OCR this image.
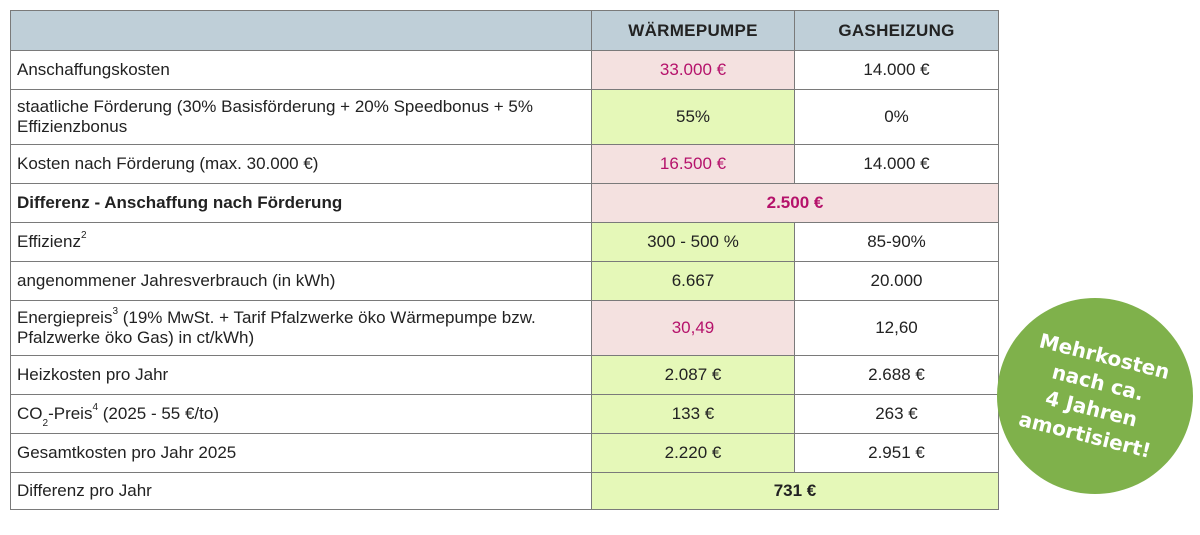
	WÄRMEPUMPE	GASHEIZUNG
Anschaffungskosten	33.000 €	14.000 €
staatliche Förderung (30% Basisförderung + 20% Speedbonus + 5% Effizienzbonus	55%	0%
Kosten nach Förderung (max. 30.000 €)	16.500 €	14.000 €
Differenz - Anschaffung nach Förderung	2.500 €	
Effizienz$^2$	300 - 500 %	85-90%
angenommener Jahresverbrauch (in kWh)	6.667	20.000
Energiepreis$^3$ (19% MwSt. + Tarif Pfalzwerke öko Wärmepumpe bzw. Pfalzwerke öko Gas) in ct/kWh)	30,49	12,60
Heizkosten pro Jahr	2.087 €	2.688 €
$CO_2-Preis^4$ (2025 - 55 €/to)	133 €	263 €
Gesamtkosten pro Jahr 2025	2.220 €	2.951 €
Differenz pro Jahr	731 €	
Mehrkosten
nach ca.
4 Jahren
amortisiert!
